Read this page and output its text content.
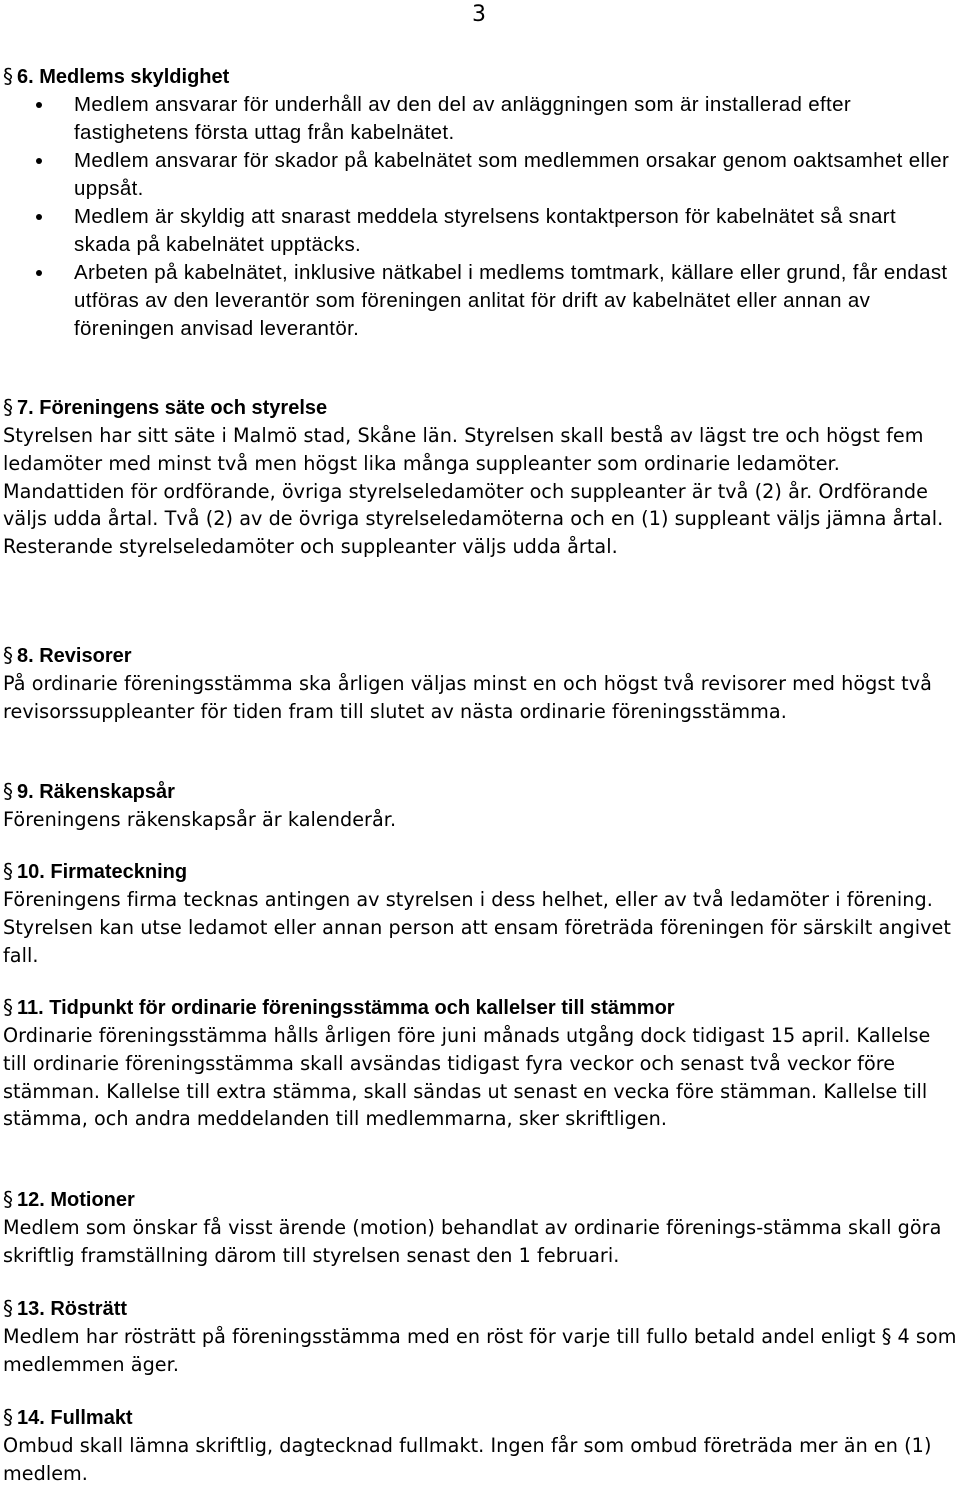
3
§ 6. Medlems skyldighet
Medlem ansvarar för underhåll av den del av anläggningen som är installerad efter fastighetens första uttag från kabelnätet.
Medlem ansvarar för skador på kabelnätet som medlemmen orsakar genom oaktsamhet eller uppsåt.
Medlem är skyldig att snarast meddela styrelsens kontaktperson för kabelnätet så snart skada på kabelnätet upptäcks.
Arbeten på kabelnätet, inklusive nätkabel i medlems tomtmark, källare eller grund, får endast utföras av den leverantör som föreningen anlitat för drift av kabelnätet eller annan av föreningen anvisad leverantör.
§ 7. Föreningens säte och styrelse

Styrelsen har sitt säte i Malmö stad, Skåne län. Styrelsen skall bestå av lägst tre och högst fem ledamöter med minst två men högst lika många suppleanter som ordinarie ledamöter.

Mandattiden för ordförande, övriga styrelseledamöter och suppleanter är två (2) år. Ordförande väljs udda årtal. Två (2) av de övriga styrelseledamöterna och en (1) suppleant väljs jämna årtal. Resterande styrelseledamöter och suppleanter väljs udda årtal.

§ 8. Revisorer

På ordinarie föreningsstämma ska årligen väljas minst en och högst två revisorer med högst två revisorssuppleanter för tiden fram till slutet av nästa ordinarie föreningsstämma.

§ 9. Räkenskapsår

Föreningens räkenskapsår är kalenderår.

§ 10. Firmateckning

Föreningens firma tecknas antingen av styrelsen i dess helhet, eller av två ledamöter i förening. Styrelsen kan utse ledamot eller annan person att ensam företräda föreningen för särskilt angivet fall.

§ 11. Tidpunkt för ordinarie föreningsstämma och kallelser till stämmor

Ordinarie föreningsstämma hålls årligen före juni månads utgång dock tidigast 15 april. Kallelse till ordinarie föreningsstämma skall avsändas tidigast fyra veckor och senast två veckor före stämman. Kallelse till extra stämma, skall sändas ut senast en vecka före stämman. Kallelse till stämma, och andra meddelanden till medlemmarna, sker skriftligen.

§ 12. Motioner

Medlem som önskar få visst ärende (motion) behandlat av ordinarie förenings-stämma skall göra skriftlig framställning därom till styrelsen senast den 1 februari.

§ 13. Rösträtt

Medlem har rösträtt på föreningsstämma med en röst för varje till fullo betald andel enligt § 4 som medlemmen äger.

§ 14. Fullmakt

Ombud skall lämna skriftlig, dagtecknad fullmakt. Ingen får som ombud företräda mer än en (1) medlem.
